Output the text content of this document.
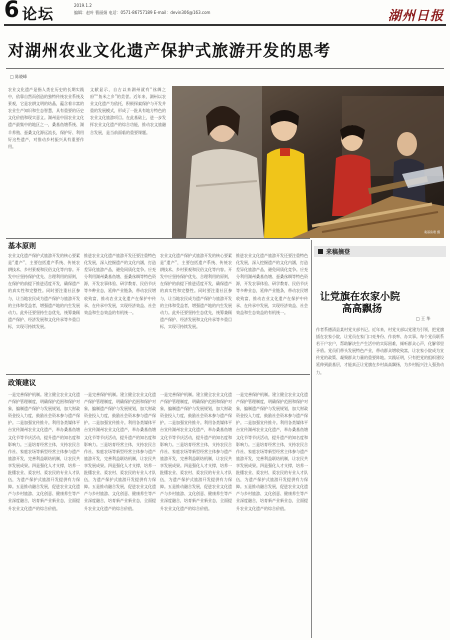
6 论坛	2019.1.2
编辑：赵叶 曹丽娟 电话：0571-86757189 E-mail：devin306@163.com	湖州日报
对湖州农业文化遗产保护式旅游开发的思考
□ 陈晓峰
农业文化遗产是指人类在历史的长期实践中，依靠自然而创造的独特传统农业系统及景观，它是农耕文明的结晶，蕴含着丰富的农业生产知识和生态智慧，具有重要的历史文化价值和现实意义。湖州是中国农业文化遗产最集中的地区之一，桑基鱼塘系统、湖羊养殖、蚕桑文化源远流长，保护好、利用好这些遗产，对推动乡村振兴具有重要作用。
文献显示，自古以来湖州就有“丝绸之府”“鱼米之乡”的美誉。近年来，湖州以农业文化遗产为依托，积极探索保护与开发并重的发展模式，形成了一批具有地方特色的农业文化旅游项目。在此基础上，进一步发挥农业文化遗产的综合功能，推动农文旅融合发展，是当前面临的重要课题。
桑基鱼塘 摄
基本原则
农业文化遗产保护式旅游开发的核心要素是“遗产”，主要包括遗产系统、传统农耕技术、乡村景观和民俗文化等内容。开发中应坚持保护优先、合理利用的原则，在保护的前提下推进适度开发，确保遗产的真实性和完整性。同时要注重社区参与，让当地农民成为遗产保护与旅游开发的主体和受益者，增强遗产地的内生发展动力。此外还要坚持生态优先，统筹兼顾遗产保护、经济发展和文化传承等多重目标，实现可持续发展。
推进农业文化遗产旅游开发还要注重特色化发展，深入挖掘遗产的文化内涵，打造差异化旅游产品，避免同质化竞争。应充分利用湖州桑基鱼塘、蚕桑丝绸等特色资源，开发农事体验、研学教育、民俗节庆等多种业态，延伸产业链条，带动农民增收致富，推动农业文化遗产在保护中传承、在传承中发展，实现经济效益、社会效益和生态效益的有机统一。
农业文化遗产保护式旅游开发的核心要素是“遗产”，主要包括遗产系统、传统农耕技术、乡村景观和民俗文化等内容。开发中应坚持保护优先、合理利用的原则，在保护的前提下推进适度开发，确保遗产的真实性和完整性。同时要注重社区参与，让当地农民成为遗产保护与旅游开发的主体和受益者，增强遗产地的内生发展动力。此外还要坚持生态优先，统筹兼顾遗产保护、经济发展和文化传承等多重目标，实现可持续发展。
推进农业文化遗产旅游开发还要注重特色化发展，深入挖掘遗产的文化内涵，打造差异化旅游产品，避免同质化竞争。应充分利用湖州桑基鱼塘、蚕桑丝绸等特色资源，开发农事体验、研学教育、民俗节庆等多种业态，延伸产业链条，带动农民增收致富，推动农业文化遗产在保护中传承、在传承中发展，实现经济效益、社会效益和生态效益的有机统一。
政策建议
一是完善保护机制。建立健全农业文化遗产保护管理制度，明确保护范围和保护对象，编制遗产保护与发展规划，加大财政资金投入力度，鼓励社会资本参与遗产保护。二是加强宣传推介。利用各类媒体平台宣传湖州农业文化遗产，举办桑基鱼塘文化节等节庆活动，提升遗产的知名度和影响力。三是培育经营主体，支持农民合作社、家庭农场等新型经营主体参与遗产旅游开发，完善利益联结机制，让农民共享发展成果。四是强化人才支撑，培养一批懂农业、爱农村、爱农民的专业人才队伍，为遗产保护式旅游开发提供有力保障。五是推动融合发展，促进农业文化遗产与乡村旅游、文化创意、健康养生等产业深度融合，培育新产业新业态，全面提升农业文化遗产的综合价值。
一是完善保护机制。建立健全农业文化遗产保护管理制度，明确保护范围和保护对象，编制遗产保护与发展规划，加大财政资金投入力度，鼓励社会资本参与遗产保护。二是加强宣传推介。利用各类媒体平台宣传湖州农业文化遗产，举办桑基鱼塘文化节等节庆活动，提升遗产的知名度和影响力。三是培育经营主体，支持农民合作社、家庭农场等新型经营主体参与遗产旅游开发，完善利益联结机制，让农民共享发展成果。四是强化人才支撑，培养一批懂农业、爱农村、爱农民的专业人才队伍，为遗产保护式旅游开发提供有力保障。五是推动融合发展，促进农业文化遗产与乡村旅游、文化创意、健康养生等产业深度融合，培育新产业新业态，全面提升农业文化遗产的综合价值。
一是完善保护机制。建立健全农业文化遗产保护管理制度，明确保护范围和保护对象，编制遗产保护与发展规划，加大财政资金投入力度，鼓励社会资本参与遗产保护。二是加强宣传推介。利用各类媒体平台宣传湖州农业文化遗产，举办桑基鱼塘文化节等节庆活动，提升遗产的知名度和影响力。三是培育经营主体，支持农民合作社、家庭农场等新型经营主体参与遗产旅游开发，完善利益联结机制，让农民共享发展成果。四是强化人才支撑，培养一批懂农业、爱农村、爱农民的专业人才队伍，为遗产保护式旅游开发提供有力保障。五是推动融合发展，促进农业文化遗产与乡村旅游、文化创意、健康养生等产业深度融合，培育新产业新业态，全面提升农业文化遗产的综合价值。
一是完善保护机制。建立健全农业文化遗产保护管理制度，明确保护范围和保护对象，编制遗产保护与发展规划，加大财政资金投入力度，鼓励社会资本参与遗产保护。二是加强宣传推介。利用各类媒体平台宣传湖州农业文化遗产，举办桑基鱼塘文化节等节庆活动，提升遗产的知名度和影响力。三是培育经营主体，支持农民合作社、家庭农场等新型经营主体参与遗产旅游开发，完善利益联结机制，让农民共享发展成果。四是强化人才支撑，培养一批懂农业、爱农村、爱农民的专业人才队伍，为遗产保护式旅游开发提供有力保障。五是推动融合发展，促进农业文化遗产与乡村旅游、文化创意、健康养生等产业深度融合，培育新产业新业态，全面提升农业文化遗产的综合价值。
来稿摘登
让党旗在农家小院
高高飘扬
□ 王 华
作者系德清县某村党支部书记。近年来，村党支部以党建为引领，把党旗插在农家小院，让党员在家门口亮身份、作表率、办实事。每个党员联系若干户农户，帮助解决生产生活中的实际困难，倾听群众心声，化解邻里矛盾。党员们带头发展特色产业，带动群众增收致富，让农家小院成为宣传党的政策、凝聚群众力量的重要阵地。实践证明，只有把党的组织建设延伸到最基层，才能真正让党旗在乡村高高飘扬，为乡村振兴注入强劲动力。
